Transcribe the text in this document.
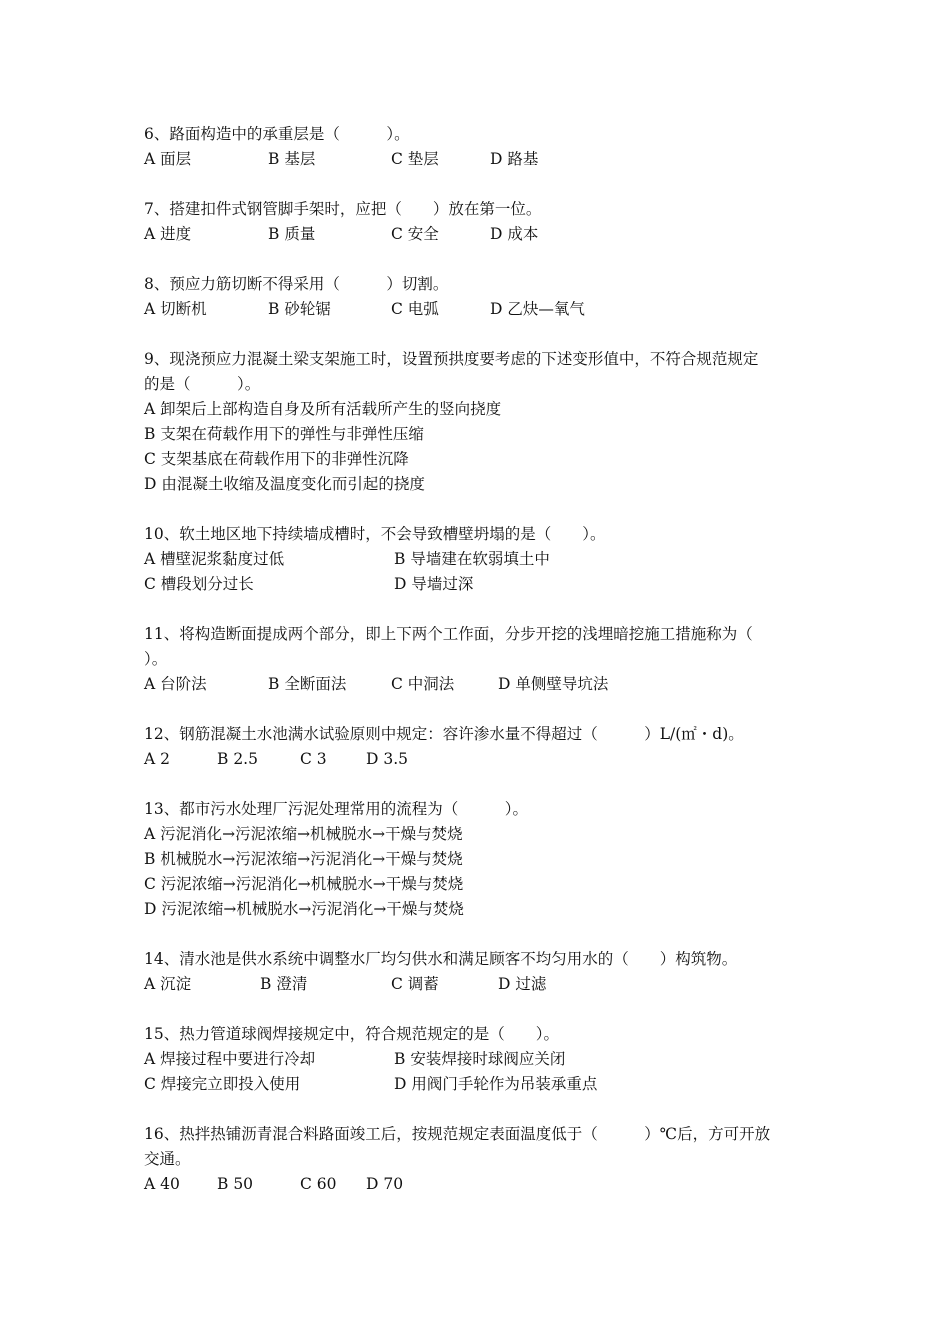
6、路面构造中的承重层是（　　　）。
A 面层	B 基层	C 垫层	D 路基
7、搭建扣件式钢管脚手架时，应把（　　）放在第一位。
A 进度	B 质量	C 安全	D 成本
8、预应力筋切断不得采用（　　　）切割。
A 切断机	B 砂轮锯	C 电弧	D 乙炔—氧气
9、现浇预应力混凝土梁支架施工时，设置预拱度要考虑的下述变形值中，不符合规范规定
的是（　　　）。
A 卸架后上部构造自身及所有活载所产生的竖向挠度
B 支架在荷载作用下的弹性与非弹性压缩
C 支架基底在荷载作用下的非弹性沉降
D 由混凝土收缩及温度变化而引起的挠度
10、软土地区地下持续墙成槽时，不会导致槽壁坍塌的是（　　）。
A 槽壁泥浆黏度过低	B 导墙建在软弱填土中
C 槽段划分过长	D 导墙过深
11、将构造断面提成两个部分，即上下两个工作面，分步开挖的浅埋暗挖施工措施称为（
）。
A 台阶法	B 全断面法	C 中洞法	D 单侧壁导坑法
12、钢筋混凝土水池满水试验原则中规定：容许渗水量不得超过（　　　）L/(㎡・d)。
A 2	B 2.5	C 3	D 3.5
13、都市污水处理厂污泥处理常用的流程为（　　　）。
A 污泥消化→污泥浓缩→机械脱水→干燥与焚烧
B 机械脱水→污泥浓缩→污泥消化→干燥与焚烧
C 污泥浓缩→污泥消化→机械脱水→干燥与焚烧
D 污泥浓缩→机械脱水→污泥消化→干燥与焚烧
14、清水池是供水系统中调整水厂均匀供水和满足顾客不均匀用水的（　　）构筑物。
A 沉淀	B 澄清	C 调蓄	D 过滤
15、热力管道球阀焊接规定中，符合规范规定的是（　　）。
A 焊接过程中要进行冷却	B 安装焊接时球阀应关闭
C 焊接完立即投入使用	D 用阀门手轮作为吊装承重点
16、热拌热铺沥青混合料路面竣工后，按规范规定表面温度低于（　　　）℃后，方可开放
交通。
A 40 B 50	C 60 D 70
